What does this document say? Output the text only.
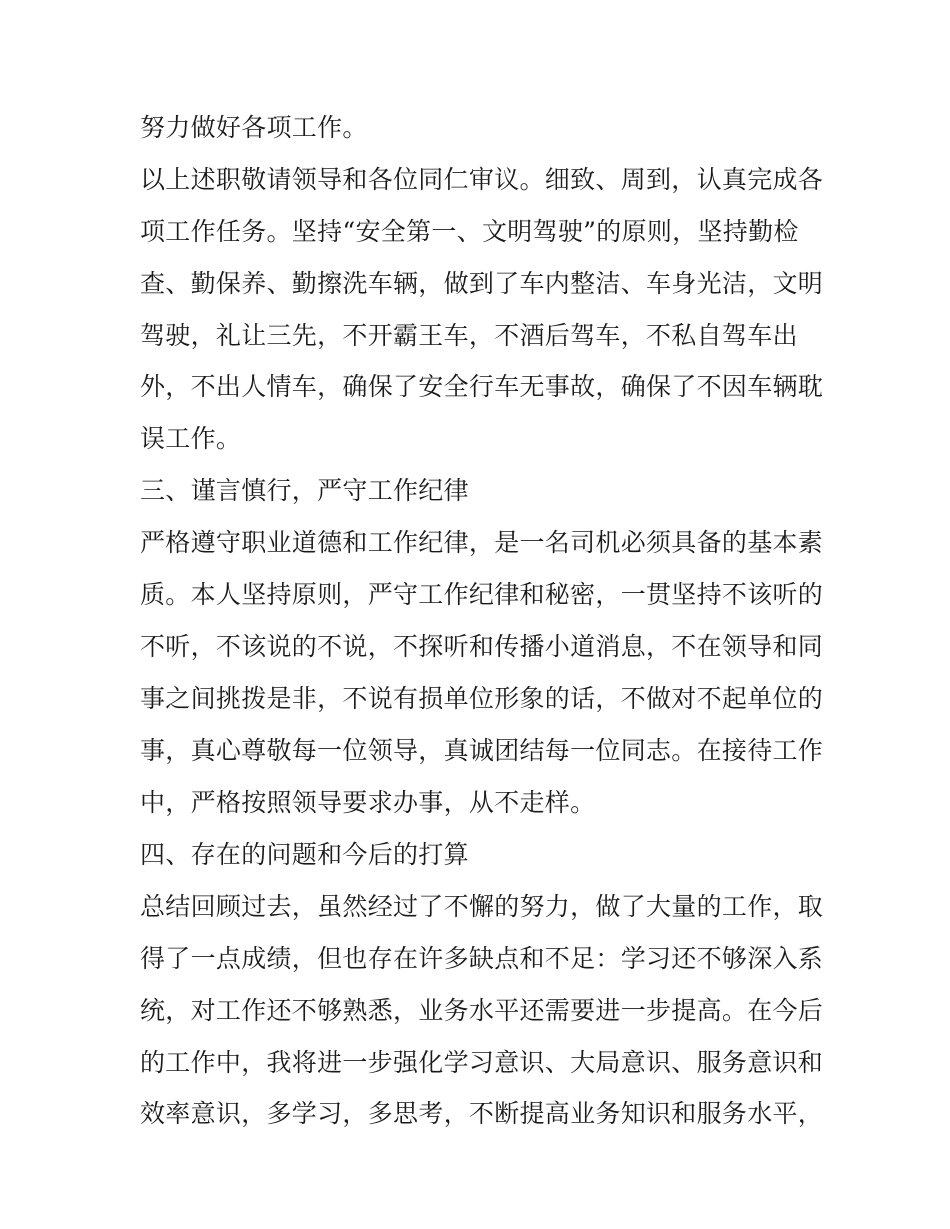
努力做好各项工作。

以上述职敬请领导和各位同仁审议。细致、周到，认真完成各

项工作任务。坚持“安全第一、文明驾驶”的原则，坚持勤检

查、勤保养、勤擦洗车辆，做到了车内整洁、车身光洁，文明

驾驶，礼让三先，不开霸王车，不酒后驾车，不私自驾车出

外，不出人情车，确保了安全行车无事故，确保了不因车辆耽

误工作。

三、谨言慎行，严守工作纪律

严格遵守职业道德和工作纪律，是一名司机必须具备的基本素

质。本人坚持原则，严守工作纪律和秘密，一贯坚持不该听的

不听，不该说的不说，不探听和传播小道消息，不在领导和同

事之间挑拨是非，不说有损单位形象的话，不做对不起单位的

事，真心尊敬每一位领导，真诚团结每一位同志。在接待工作

中，严格按照领导要求办事，从不走样。

四、存在的问题和今后的打算

总结回顾过去，虽然经过了不懈的努力，做了大量的工作，取

得了一点成绩，但也存在许多缺点和不足：学习还不够深入系

统，对工作还不够熟悉，业务水平还需要进一步提高。在今后

的工作中，我将进一步强化学习意识、大局意识、服务意识和

效率意识，多学习，多思考，不断提高业务知识和服务水平，
